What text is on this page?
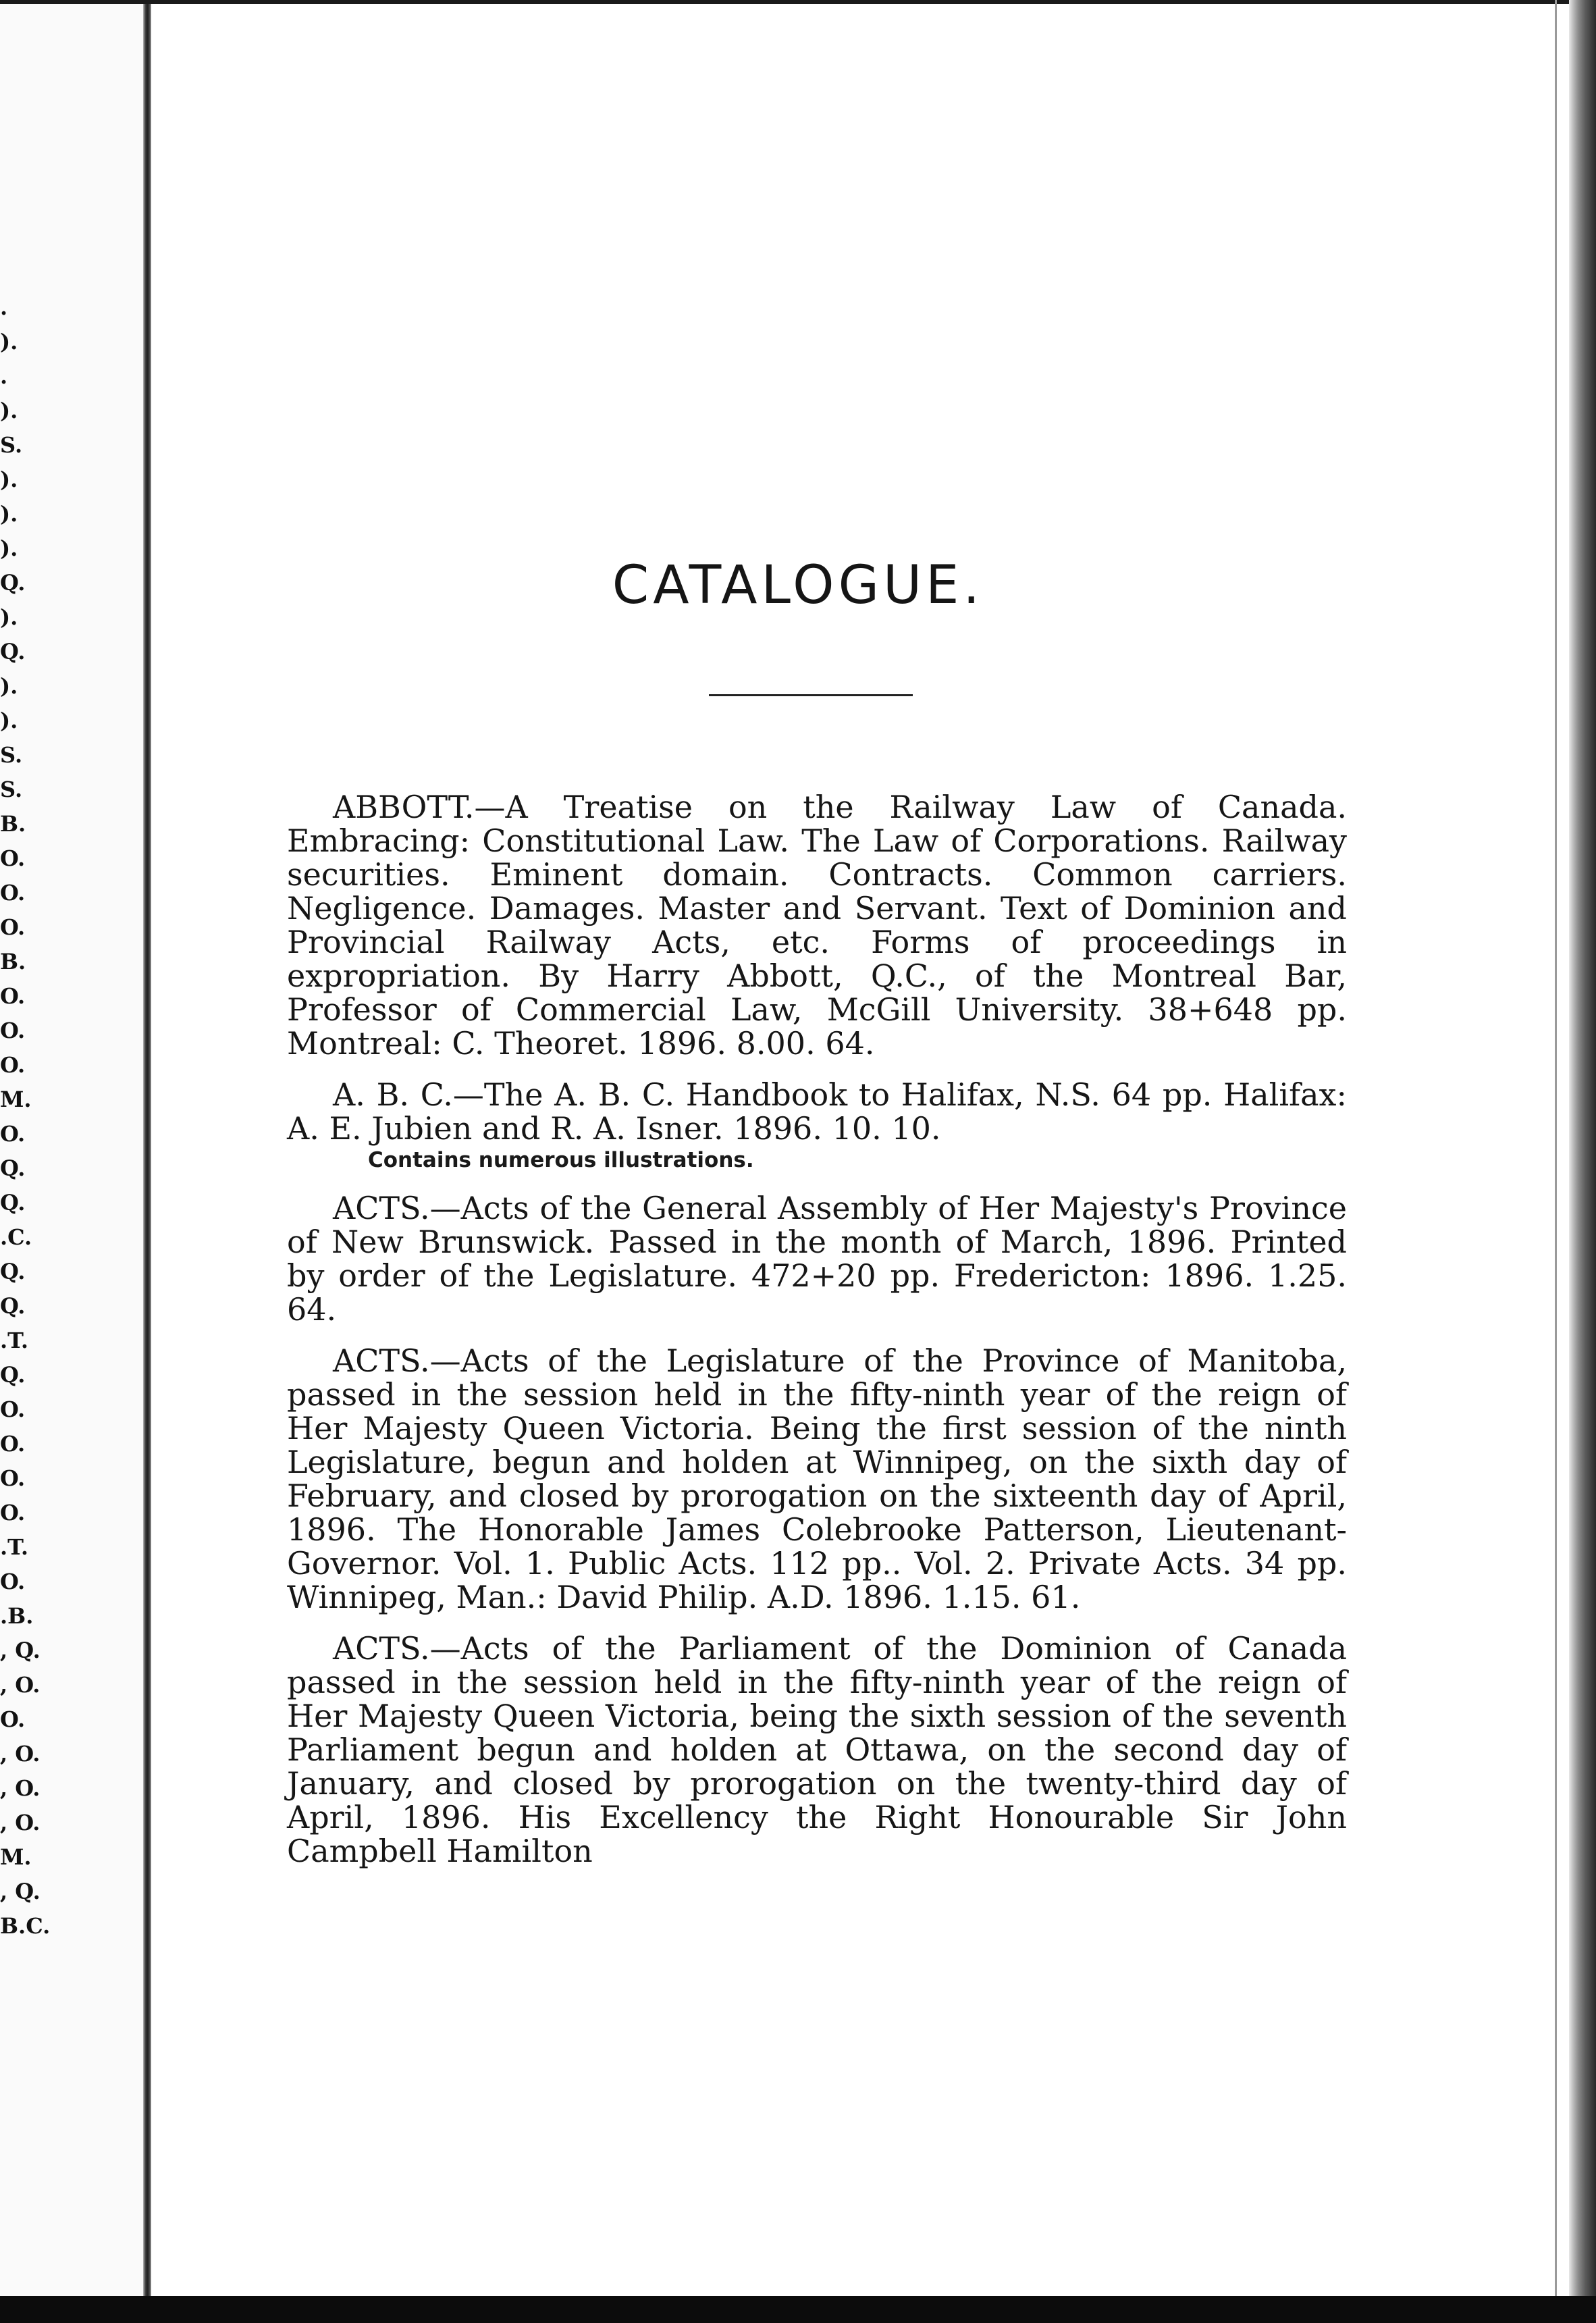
.
).
.
).
S.
).
).
).
Q.
).
Q.
).
).
S.
S.
B.
O.
O.
O.
B.
O.
O.
O.
M.
O.
Q.
Q.
.C.
Q.
Q.
.T.
Q.
O.
O.
O.
O.
.T.
O.
.B.
, Q.
, O.
O.
, O.
, O.
, O.
M.
, Q.
B.C.
CATALOGUE.

ABBOTT.—A Treatise on the Railway Law of Canada. Embracing: Constitutional Law. The Law of Corporations. Railway securities. Eminent domain. Contracts. Common carriers. Negligence. Damages. Master and Servant. Text of Dominion and Provincial Railway Acts, etc. Forms of proceedings in expropriation. By Harry Abbott, Q.C., of the Montreal Bar, Professor of Commercial Law, McGill University. 38+648 pp. Montreal: C. Theoret. 1896. 8.00. 64.

A. B. C.—The A. B. C. Handbook to Halifax, N.S. 64 pp. Halifax: A. E. Jubien and R. A. Isner. 1896. 10. 10.

Contains numerous illustrations.

ACTS.—Acts of the General Assembly of Her Majesty's Province of New Brunswick. Passed in the month of March, 1896. Printed by order of the Legislature. 472+20 pp. Fredericton: 1896. 1.25. 64.

ACTS.—Acts of the Legislature of the Province of Manitoba, passed in the session held in the fifty-ninth year of the reign of Her Majesty Queen Victoria. Being the first session of the ninth Legislature, begun and holden at Winnipeg, on the sixth day of February, and closed by prorogation on the sixteenth day of April, 1896. The Honorable James Colebrooke Patterson, Lieutenant-Governor. Vol. 1. Public Acts. 112 pp.. Vol. 2. Private Acts. 34 pp. Winnipeg, Man.: David Philip. A.D. 1896. 1.15. 61.

ACTS.—Acts of the Parliament of the Dominion of Canada passed in the session held in the fifty-ninth year of the reign of Her Majesty Queen Victoria, being the sixth session of the seventh Parliament begun and holden at Ottawa, on the second day of January, and closed by prorogation on the twenty-third day of April, 1896. His Excellency the Right Honourable Sir John Campbell Hamilton
